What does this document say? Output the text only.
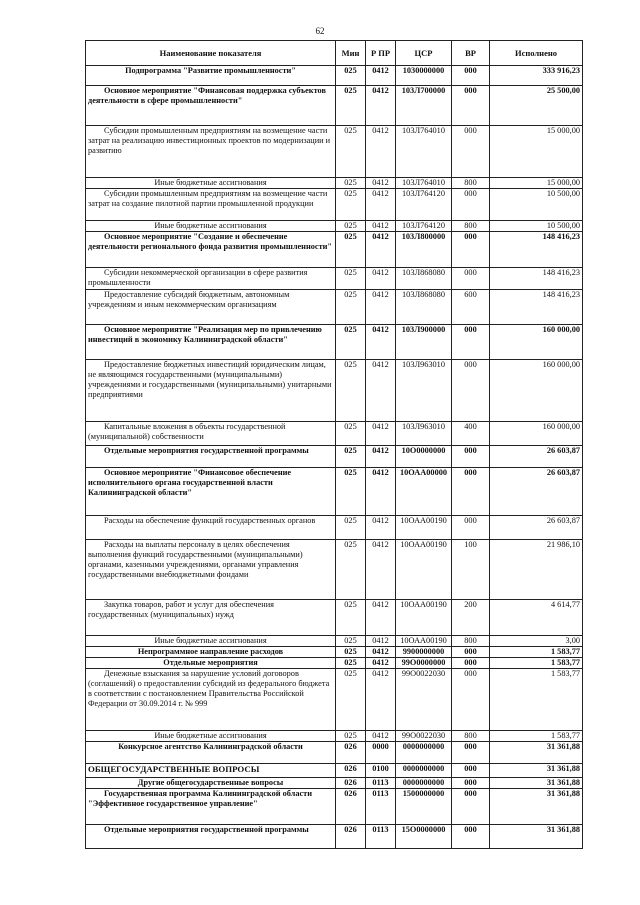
62
Наименование показателя	Мин	Р ПР	ЦСР	ВР	Исполнено
Подпрограмма "Развитие промышленности"	025	0412	1030000000	000	333 916,23
Основное мероприятие "Финансовая поддержка субъектов деятельности в сфере промышленности"	025	0412	103Л700000	000	25 500,00
Субсидии промышленным предприятиям на возмещение части затрат на реализацию инвестиционных проектов по модернизации и развитию	025	0412	103Л764010	000	15 000,00
Иные бюджетные ассигнования	025	0412	103Л764010	800	15 000,00
Субсидии промышленным предприятиям на возмещение части затрат на создание пилотной партии промышленной продукции	025	0412	103Л764120	000	10 500,00
Иные бюджетные ассигнования	025	0412	103Л764120	800	10 500,00
Основное мероприятие "Создание и обеспечение деятельности регионального фонда развития промышленности"	025	0412	103Л800000	000	148 416,23
Субсидии некоммерческой организации в сфере развития промышленности	025	0412	103Л868080	000	148 416,23
Предоставление субсидий бюджетным, автономным учреждениям и иным некоммерческим организациям	025	0412	103Л868080	600	148 416,23
Основное мероприятие "Реализация мер по привлечению инвестиций в экономику Калининградской области"	025	0412	103Л900000	000	160 000,00
Предоставление бюджетных инвестиций юридическим лицам, не являющимся государственными (муниципальными) учреждениями и государственными (муниципальными) унитарными предприятиями	025	0412	103Л963010	000	160 000,00
Капитальные вложения в объекты государственной (муниципальной) собственности	025	0412	103Л963010	400	160 000,00
Отдельные мероприятия государственной программы	025	0412	10О0000000	000	26 603,87
Основное мероприятие "Финансовое обеспечение исполнительного органа государственной власти Калининградской области"	025	0412	10ОАА00000	000	26 603,87
Расходы на обеспечение функций государственных органов	025	0412	10ОАА00190	000	26 603,87
Расходы на выплаты персоналу в целях обеспечения выполнения функций государственными (муниципальными) органами, казенными учреждениями, органами управления государственными внебюджетными фондами	025	0412	10ОАА00190	100	21 986,10
Закупка товаров, работ и услуг для обеспечения государственных (муниципальных) нужд	025	0412	10ОАА00190	200	4 614,77
Иные бюджетные ассигнования	025	0412	10ОАА00190	800	3,00
Непрограммное направление расходов	025	0412	9900000000	000	1 583,77
Отдельные мероприятия	025	0412	99О0000000	000	1 583,77
Денежные взыскания за нарушение условий договоров (соглашений) о предоставлении субсидий из федерального бюджета в соответствии с постановлением Правительства Российской Федерации от 30.09.2014 г. № 999	025	0412	99О0022030	000	1 583,77
Иные бюджетные ассигнования	025	0412	99О0022030	800	1 583,77
Конкурсное агентство Калининградской области	026	0000	0000000000	000	31 361,88
ОБЩЕГОСУДАРСТВЕННЫЕ ВОПРОСЫ	026	0100	0000000000	000	31 361,88
Другие общегосударственные вопросы	026	0113	0000000000	000	31 361,88
Государственная программа Калининградской области "Эффективное государственное управление"	026	0113	1500000000	000	31 361,88
Отдельные мероприятия государственной программы	026	0113	15О0000000	000	31 361,88
